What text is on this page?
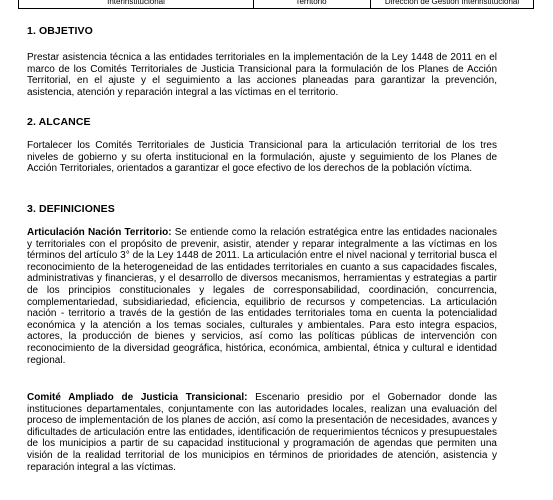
Interinstitucional	Territorio	Dirección de Gestión Interinstitucional
1. OBJETIVO
Prestar asistencia técnica a las entidades territoriales en la implementación de la Ley 1448 de 2011 en el marco de los Comités Territoriales de Justicia Transicional para la formulación de los Planes de Acción Territorial, en el ajuste y el seguimiento a las acciones planeadas para garantizar la prevención, asistencia, atención y reparación integral a las víctimas en el territorio.
2. ALCANCE
Fortalecer los Comités Territoriales de Justicia Transicional para la articulación territorial de los tres niveles de gobierno y su oferta institucional en la formulación, ajuste y seguimiento de los Planes de Acción Territoriales, orientados a garantizar el goce efectivo de los derechos de la población víctima.
3. DEFINICIONES
Articulación Nación Territorio: Se entiende como la relación estratégica entre las entidades nacionales y territoriales con el propósito de prevenir, asistir, atender y reparar integralmente a las víctimas en los términos del artículo 3° de la Ley 1448 de 2011. La articulación entre el nivel nacional y territorial busca el reconocimiento de la heterogeneidad de las entidades territoriales en cuanto a sus capacidades fiscales, administrativas y financieras, y el desarrollo de diversos mecanismos, herramientas y estrategias a partir de los principios constitucionales y legales de corresponsabilidad, coordinación, concurrencia, complementariedad, subsidiariedad, eficiencia, equilibrio de recursos y competencias. La articulación nación - territorio a través de la gestión de las entidades territoriales toma en cuenta la potencialidad económica y la atención a los temas sociales, culturales y ambientales. Para esto integra espacios, actores, la producción de bienes y servicios, así como las políticas públicas de intervención con reconocimiento de la diversidad geográfica, histórica, económica, ambiental, étnica y cultural e identidad regional.
Comité Ampliado de Justicia Transicional: Escenario presidio por el Gobernador donde las instituciones departamentales, conjuntamente con las autoridades locales, realizan una evaluación del proceso de implementación de los planes de acción, así como la presentación de necesidades, avances y dificultades de articulación entre las entidades, identificación de requerimientos técnicos y presupuestales de los municipios a partir de su capacidad institucional y programación de agendas que permiten una visión de la realidad territorial de los municipios en términos de prioridades de atención, asistencia y reparación integral a las víctimas.
